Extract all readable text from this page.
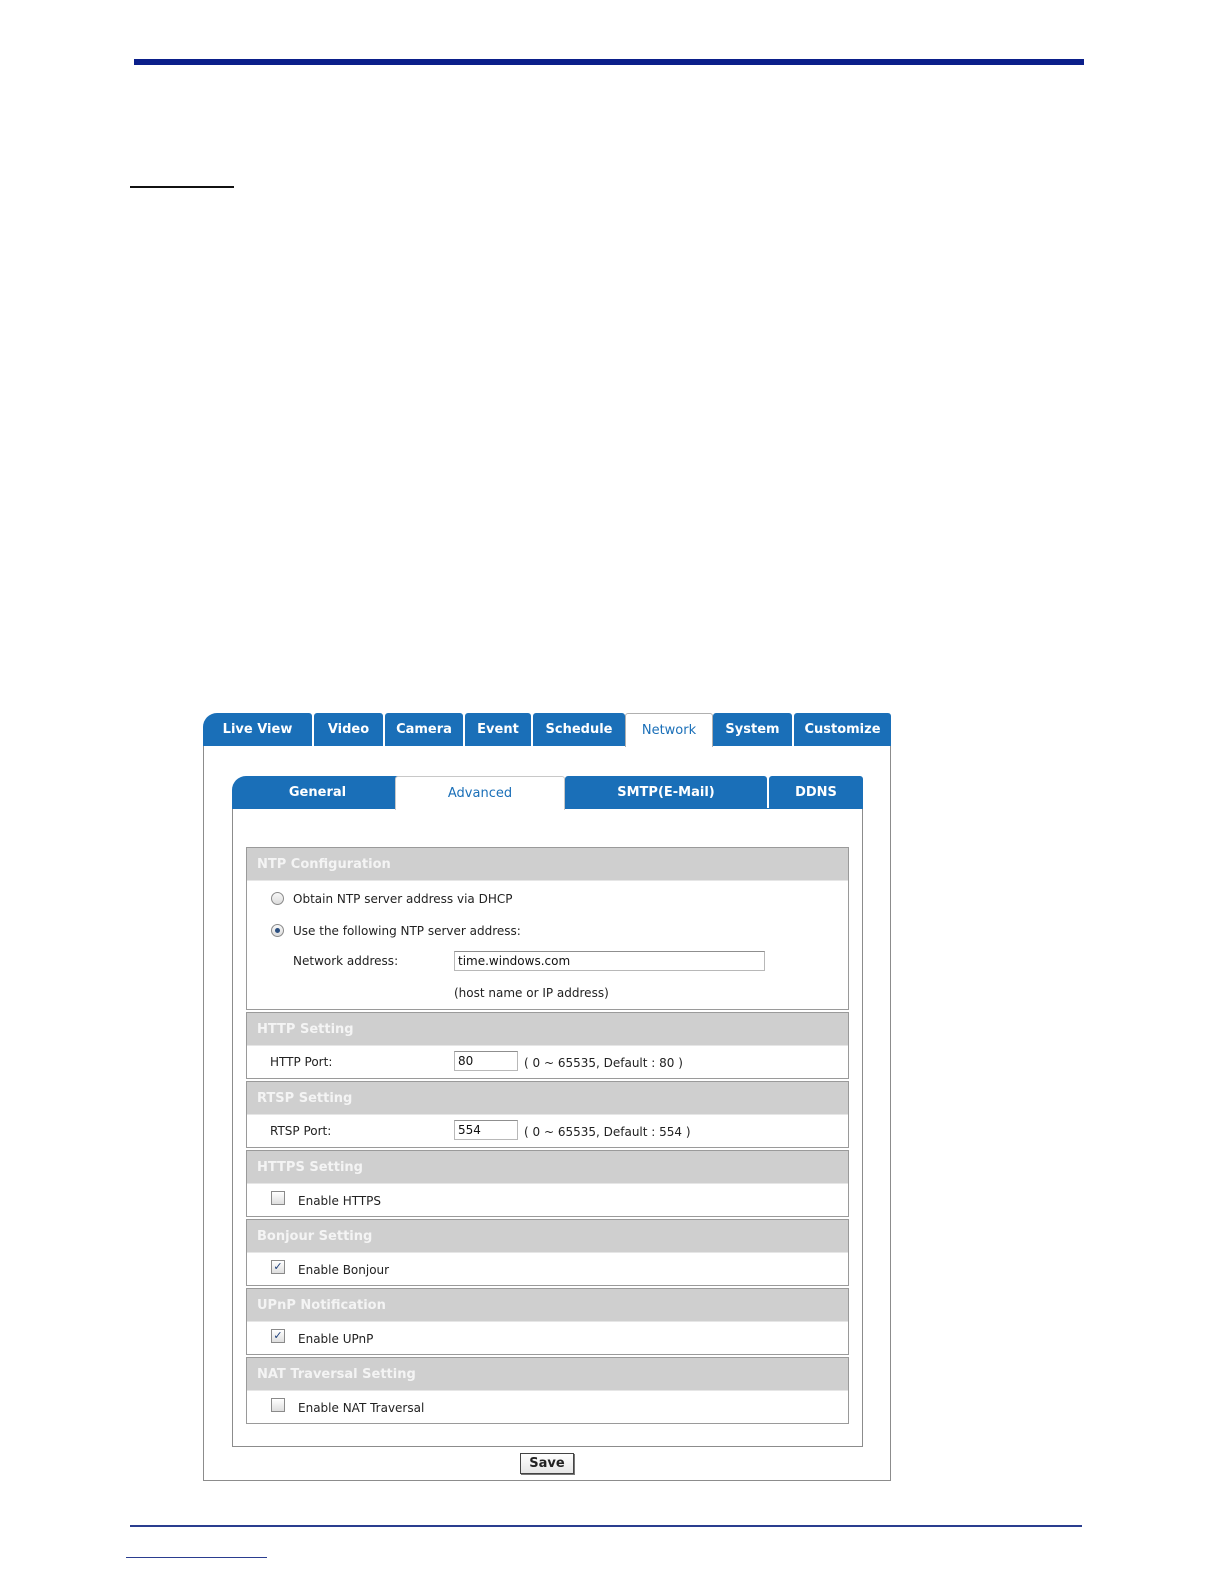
Live View	Video	Camera	Event	Schedule	Network	System	Customize
General	Advanced	SMTP(E-Mail)	DDNS
NTP Configuration
Obtain NTP server address via DHCP
Use the following NTP server address:
Network address:
time.windows.com
(host name or IP address)
HTTP Setting
HTTP Port:
80	( 0 ~ 65535, Default : 80 )
RTSP Setting
RTSP Port:
554	( 0 ~ 65535, Default : 554 )
HTTPS Setting
Enable HTTPS
Bonjour Setting
✓ Enable Bonjour
UPnP Notification
✓ Enable UPnP
NAT Traversal Setting
Enable NAT Traversal
Save
